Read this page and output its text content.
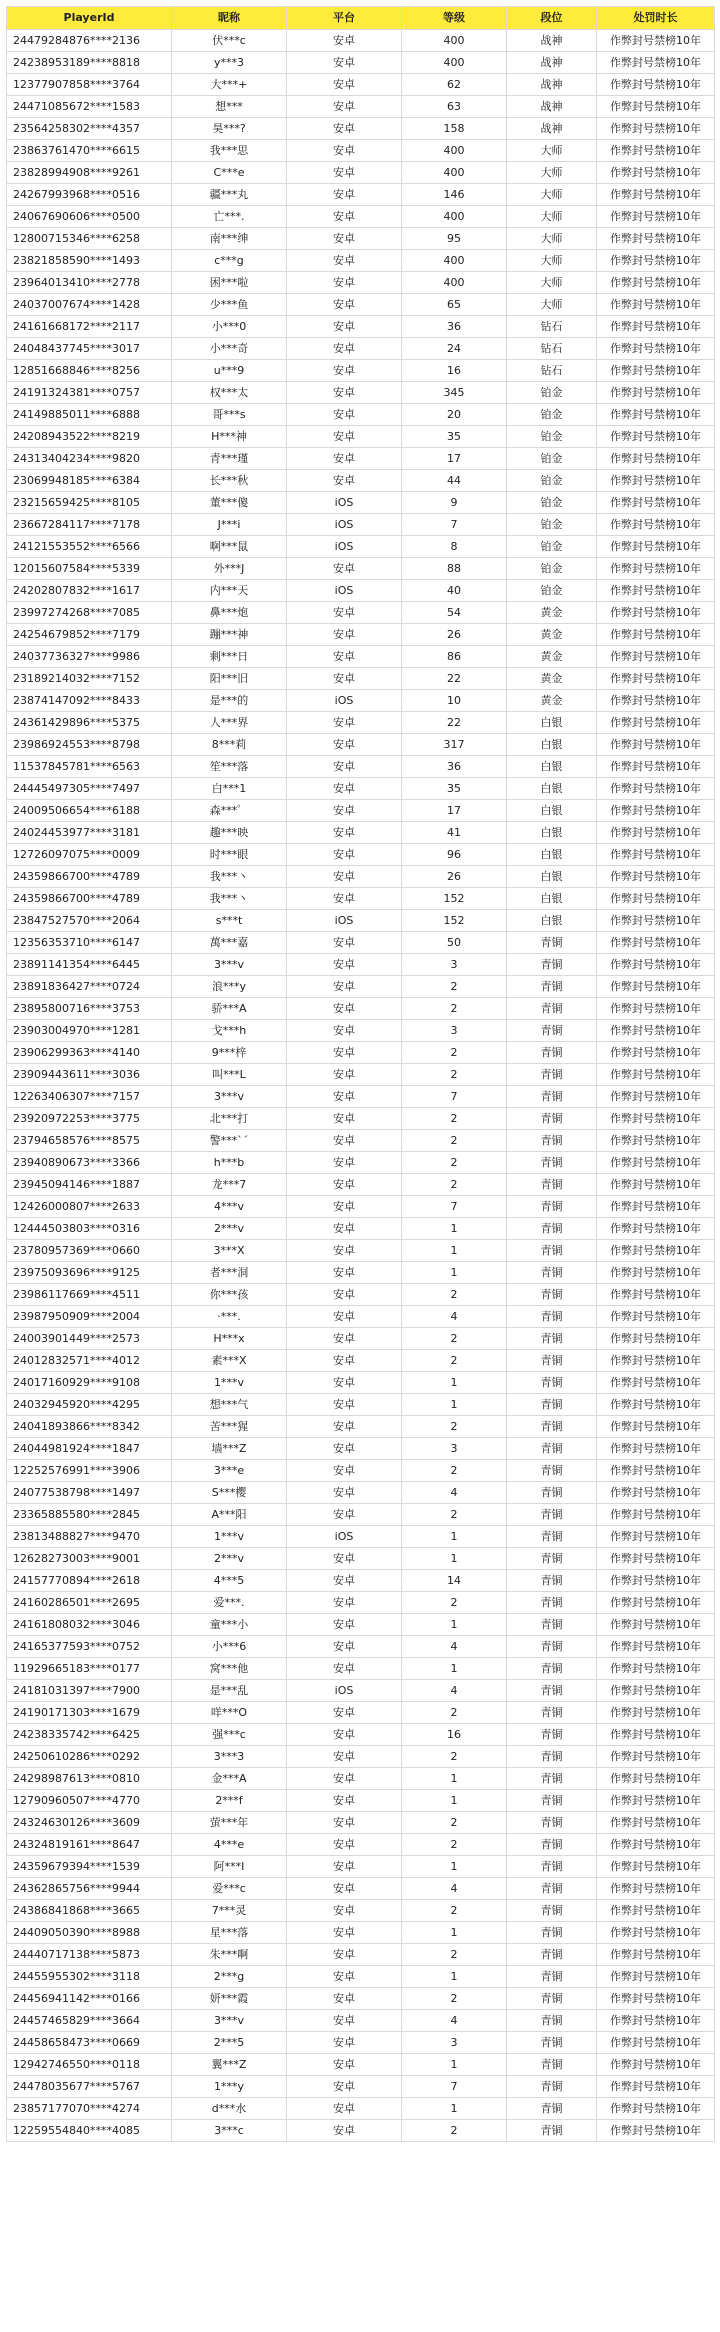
PlayerId	昵称	平台	等级	段位	处罚时长
24479284876****2136	伏***c	安卓	400	战神	作弊封号禁榜10年
24238953189****8818	y***3	安卓	400	战神	作弊封号禁榜10年
12377907858****3764	大***+	安卓	62	战神	作弊封号禁榜10年
24471085672****1583	想***	安卓	63	战神	作弊封号禁榜10年
23564258302****4357	昊***?	安卓	158	战神	作弊封号禁榜10年
23863761470****6615	我***思	安卓	400	大师	作弊封号禁榜10年
23828994908****9261	C***e	安卓	400	大师	作弊封号禁榜10年
24267993968****0516	疆***丸	安卓	146	大师	作弊封号禁榜10年
24067690606****0500	亡***.	安卓	400	大师	作弊封号禁榜10年
12800715346****6258	南***绅	安卓	95	大师	作弊封号禁榜10年
23821858590****1493	c***g	安卓	400	大师	作弊封号禁榜10年
23964013410****2778	困***啦	安卓	400	大师	作弊封号禁榜10年
24037007674****1428	少***鱼	安卓	65	大师	作弊封号禁榜10年
24161668172****2117	小***0	安卓	36	钻石	作弊封号禁榜10年
24048437745****3017	小***奇	安卓	24	钻石	作弊封号禁榜10年
12851668846****8256	u***9	安卓	16	钻石	作弊封号禁榜10年
24191324381****0757	权***太	安卓	345	铂金	作弊封号禁榜10年
24149885011****6888	哥***s	安卓	20	铂金	作弊封号禁榜10年
24208943522****8219	H***神	安卓	35	铂金	作弊封号禁榜10年
24313404234****9820	青***瑾	安卓	17	铂金	作弊封号禁榜10年
23069948185****6384	长***秋	安卓	44	铂金	作弊封号禁榜10年
23215659425****8105	董***傻	iOS	9	铂金	作弊封号禁榜10年
23667284117****7178	J***i	iOS	7	铂金	作弊封号禁榜10年
24121553552****6566	啊***鼠	iOS	8	铂金	作弊封号禁榜10年
12015607584****5339	外***J	安卓	88	铂金	作弊封号禁榜10年
24202807832****1617	内***天	iOS	40	铂金	作弊封号禁榜10年
23997274268****7085	鼻***炮	安卓	54	黄金	作弊封号禁榜10年
24254679852****7179	蹦***神	安卓	26	黄金	作弊封号禁榜10年
24037736327****9986	剩***日	安卓	86	黄金	作弊封号禁榜10年
23189214032****7152	阳***旧	安卓	22	黄金	作弊封号禁榜10年
23874147092****8433	是***的	iOS	10	黄金	作弊封号禁榜10年
24361429896****5375	人***界	安卓	22	白银	作弊封号禁榜10年
23986924553****8798	8***莉	安卓	317	白银	作弊封号禁榜10年
11537845781****6563	笙***落	安卓	36	白银	作弊封号禁榜10年
24445497305****7497	白***1	安卓	35	白银	作弊封号禁榜10年
24009506654****6188	森***゜	安卓	17	白银	作弊封号禁榜10年
24024453977****3181	趣***映	安卓	41	白银	作弊封号禁榜10年
12726097075****0009	时***眼	安卓	96	白银	作弊封号禁榜10年
24359866700****4789	我***丶	安卓	26	白银	作弊封号禁榜10年
24359866700****4789	我***丶	安卓	152	白银	作弊封号禁榜10年
23847527570****2064	s***t	iOS	152	白银	作弊封号禁榜10年
12356353710****6147	萬***嘉	安卓	50	青铜	作弊封号禁榜10年
23891141354****6445	3***v	安卓	3	青铜	作弊封号禁榜10年
23891836427****0724	浪***y	安卓	2	青铜	作弊封号禁榜10年
23895800716****3753	骄***A	安卓	2	青铜	作弊封号禁榜10年
23903004970****1281	戈***h	安卓	3	青铜	作弊封号禁榜10年
23906299363****4140	9***梓	安卓	2	青铜	作弊封号禁榜10年
23909443611****3036	叫***L	安卓	2	青铜	作弊封号禁榜10年
12263406307****7157	3***v	安卓	7	青铜	作弊封号禁榜10年
23920972253****3775	北***打	安卓	2	青铜	作弊封号禁榜10年
23794658576****8575	警***ˋ´	安卓	2	青铜	作弊封号禁榜10年
23940890673****3366	h***b	安卓	2	青铜	作弊封号禁榜10年
23945094146****1887	龙***7	安卓	2	青铜	作弊封号禁榜10年
12426000807****2633	4***v	安卓	7	青铜	作弊封号禁榜10年
12444503803****0316	2***v	安卓	1	青铜	作弊封号禁榜10年
23780957369****0660	3***X	安卓	1	青铜	作弊封号禁榜10年
23975093696****9125	者***洞	安卓	1	青铜	作弊封号禁榜10年
23986117669****4511	你***孩	安卓	2	青铜	作弊封号禁榜10年
23987950909****2004	·***.	安卓	4	青铜	作弊封号禁榜10年
24003901449****2573	H***x	安卓	2	青铜	作弊封号禁榜10年
24012832571****4012	素***X	安卓	2	青铜	作弊封号禁榜10年
24017160929****9108	1***v	安卓	1	青铜	作弊封号禁榜10年
24032945920****4295	想***气	安卓	1	青铜	作弊封号禁榜10年
24041893866****8342	苦***猩	安卓	2	青铜	作弊封号禁榜10年
24044981924****1847	墙***Z	安卓	3	青铜	作弊封号禁榜10年
12252576991****3906	3***e	安卓	2	青铜	作弊封号禁榜10年
24077538798****1497	S***樱	安卓	4	青铜	作弊封号禁榜10年
23365885580****2845	A***阳	安卓	2	青铜	作弊封号禁榜10年
23813488827****9470	1***v	iOS	1	青铜	作弊封号禁榜10年
12628273003****9001	2***v	安卓	1	青铜	作弊封号禁榜10年
24157770894****2618	4***5	安卓	14	青铜	作弊封号禁榜10年
24160286501****2695	爱***.	安卓	2	青铜	作弊封号禁榜10年
24161808032****3046	童***小	安卓	1	青铜	作弊封号禁榜10年
24165377593****0752	小***6	安卓	4	青铜	作弊封号禁榜10年
11929665183****0177	窝***他	安卓	1	青铜	作弊封号禁榜10年
24181031397****7900	是***乱	iOS	4	青铜	作弊封号禁榜10年
24190171303****1679	咩***O	安卓	2	青铜	作弊封号禁榜10年
24238335742****6425	强***c	安卓	16	青铜	作弊封号禁榜10年
24250610286****0292	3***3	安卓	2	青铜	作弊封号禁榜10年
24298987613****0810	金***A	安卓	1	青铜	作弊封号禁榜10年
12790960507****4770	2***f	安卓	1	青铜	作弊封号禁榜10年
24324630126****3609	萤***年	安卓	2	青铜	作弊封号禁榜10年
24324819161****8647	4***e	安卓	2	青铜	作弊封号禁榜10年
24359679394****1539	阿***I	安卓	1	青铜	作弊封号禁榜10年
24362865756****9944	爱***c	安卓	4	青铜	作弊封号禁榜10年
24386841868****3665	7***灵	安卓	2	青铜	作弊封号禁榜10年
24409050390****8988	星***落	安卓	1	青铜	作弊封号禁榜10年
24440717138****5873	朱***啊	安卓	2	青铜	作弊封号禁榜10年
24455955302****3118	2***g	安卓	1	青铜	作弊封号禁榜10年
24456941142****0166	妍***霞	安卓	2	青铜	作弊封号禁榜10年
24457465829****3664	3***v	安卓	4	青铜	作弊封号禁榜10年
24458658473****0669	2***5	安卓	3	青铜	作弊封号禁榜10年
12942746550****0118	翼***Z	安卓	1	青铜	作弊封号禁榜10年
24478035677****5767	1***y	安卓	7	青铜	作弊封号禁榜10年
23857177070****4274	d***水	安卓	1	青铜	作弊封号禁榜10年
12259554840****4085	3***c	安卓	2	青铜	作弊封号禁榜10年
